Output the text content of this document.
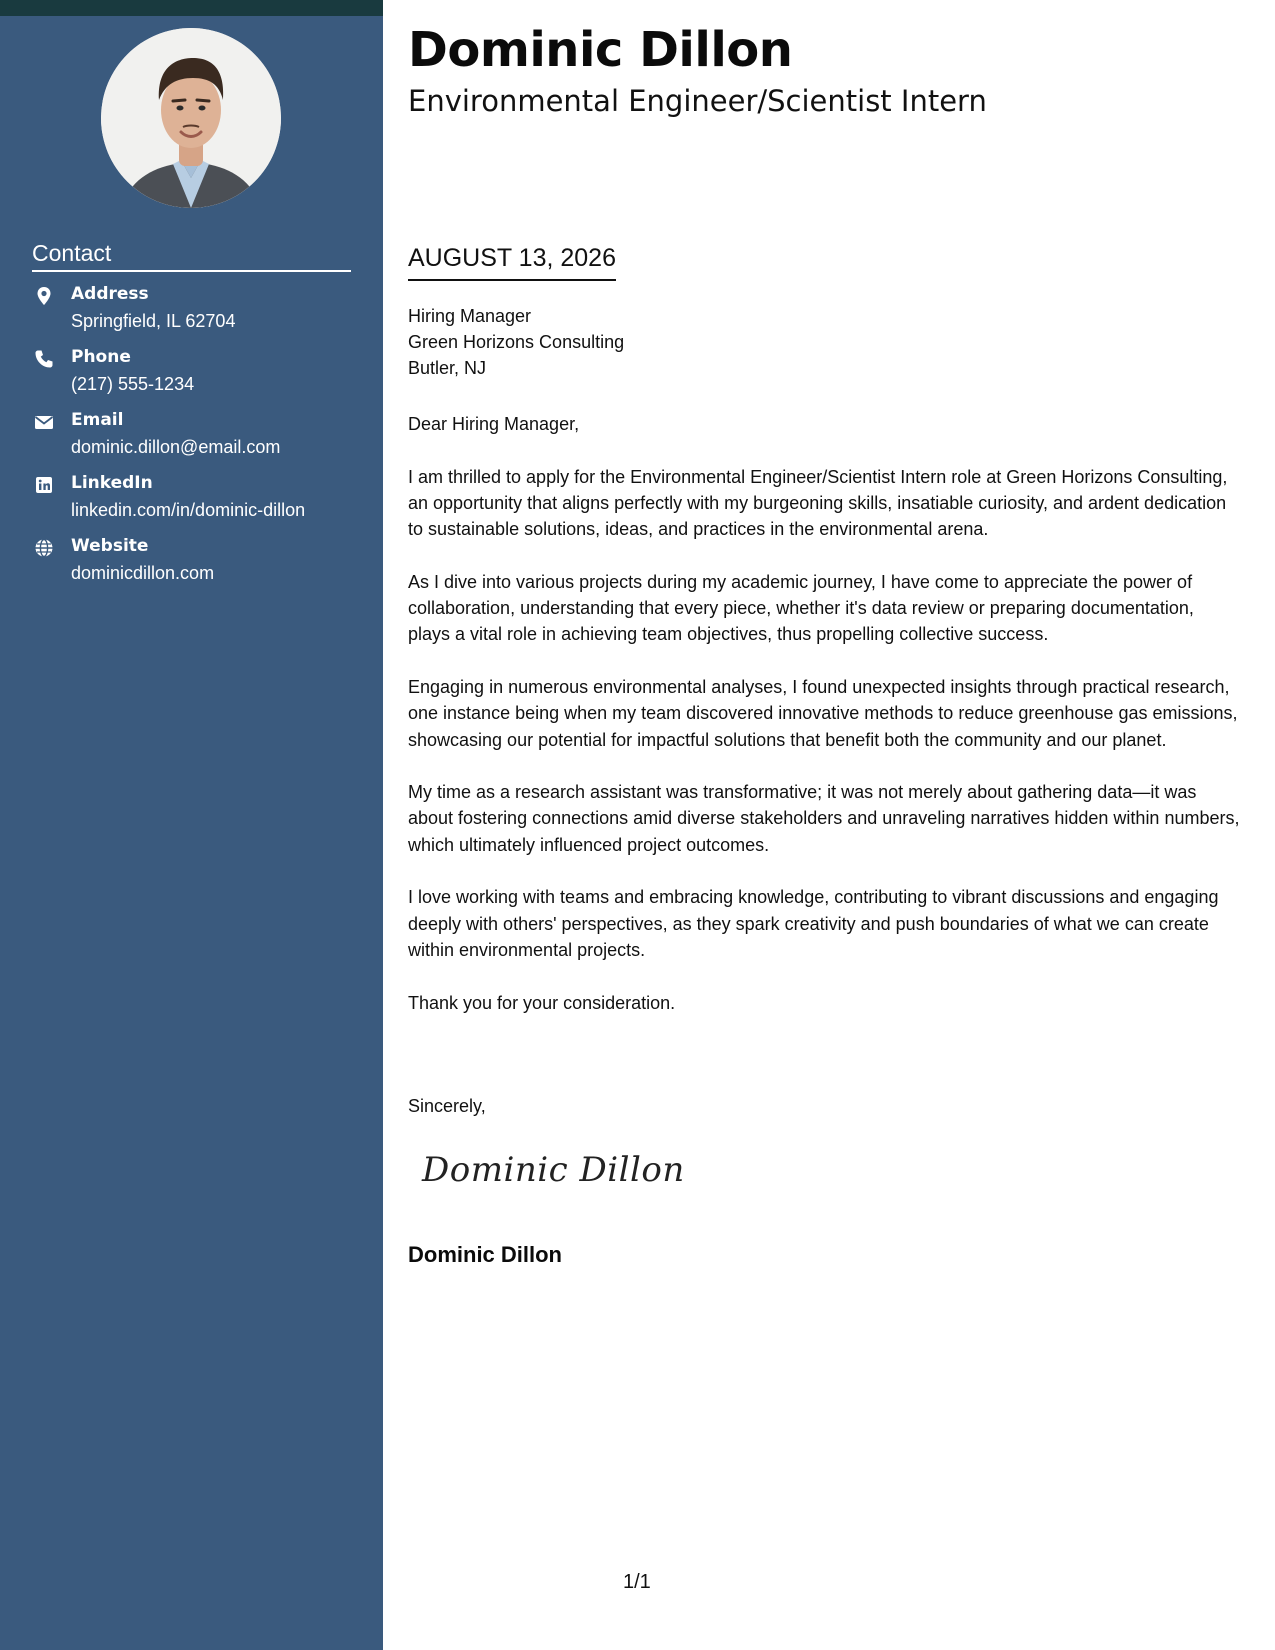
Contact
Address
Springfield, IL 62704
Phone
(217) 555-1234
Email
dominic.dillon@email.com
LinkedIn
linkedin.com/in/dominic-dillon
Website
dominicdillon.com
Dominic Dillon
Environmental Engineer/Scientist Intern
AUGUST 13, 2026
Hiring Manager
Green Horizons Consulting
Butler, NJ

Dear Hiring Manager,

I am thrilled to apply for the Environmental Engineer/Scientist Intern role at Green Horizons Consulting, an opportunity that aligns perfectly with my burgeoning skills, insatiable curiosity, and ardent dedication to sustainable solutions, ideas, and practices in the environmental arena.

As I dive into various projects during my academic journey, I have come to appreciate the power of collaboration, understanding that every piece, whether it's data review or preparing documentation, plays a vital role in achieving team objectives, thus propelling collective success.

Engaging in numerous environmental analyses, I found unexpected insights through practical research, one instance being when my team discovered innovative methods to reduce greenhouse gas emissions, showcasing our potential for impactful solutions that benefit both the community and our planet.

My time as a research assistant was transformative; it was not merely about gathering data—it was about fostering connections amid diverse stakeholders and unraveling narratives hidden within numbers, which ultimately influenced project outcomes.

I love working with teams and embracing knowledge, contributing to vibrant discussions and engaging deeply with others' perspectives, as they spark creativity and push boundaries of what we can create within environmental projects.

Thank you for your consideration.

Sincerely,
Dominic Dillon
Dominic Dillon
1/1
